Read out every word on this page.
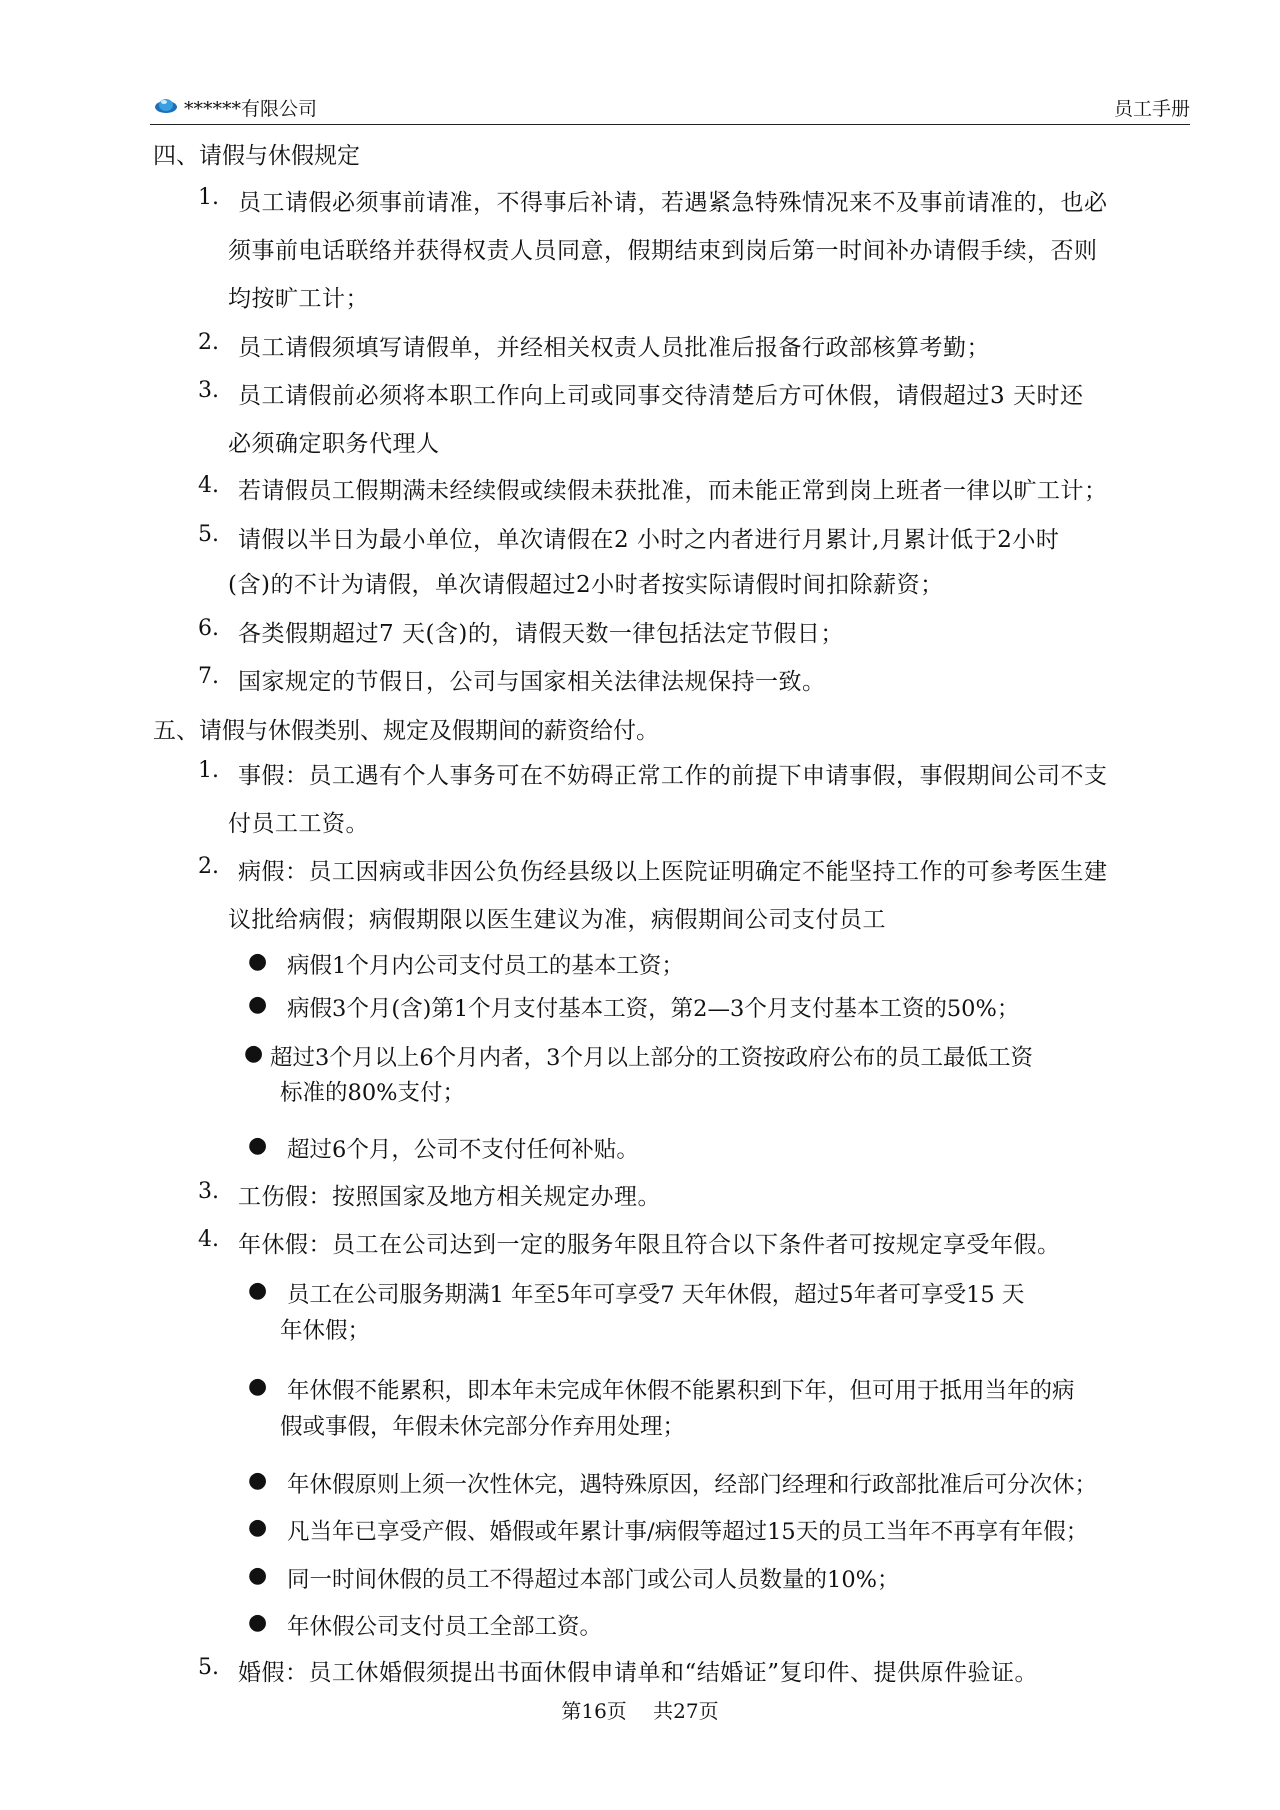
******有限公司	员工手册
四、请假与休假规定
1. 员工请假必须事前请准，不得事后补请，若遇紧急特殊情况来不及事前请准的，也必
须事前电话联络并获得权责人员同意，假期结束到岗后第一时间补办请假手续，否则
均按旷工计；
2. 员工请假须填写请假单，并经相关权责人员批准后报备行政部核算考勤；
3. 员工请假前必须将本职工作向上司或同事交待清楚后方可休假，请假超过3 天时还
必须确定职务代理人
4. 若请假员工假期满未经续假或续假未获批准，而未能正常到岗上班者一律以旷工计；
5. 请假以半日为最小单位，单次请假在2 小时之内者进行月累计,月累计低于2小时
(含)的不计为请假，单次请假超过2小时者按实际请假时间扣除薪资；
6. 各类假期超过7 天(含)的，请假天数一律包括法定节假日；
7. 国家规定的节假日，公司与国家相关法律法规保持一致。
五、请假与休假类别、规定及假期间的薪资给付。
1. 事假：员工遇有个人事务可在不妨碍正常工作的前提下申请事假，事假期间公司不支
付员工工资。
2. 病假：员工因病或非因公负伤经县级以上医院证明确定不能坚持工作的可参考医生建
议批给病假；病假期限以医生建议为准，病假期间公司支付员工
● 病假1个月内公司支付员工的基本工资；
● 病假3个月(含)第1个月支付基本工资，第2—3个月支付基本工资的50%；
● 超过3个月以上6个月内者，3个月以上部分的工资按政府公布的员工最低工资
标准的80%支付；
● 超过6个月，公司不支付任何补贴。
3. 工伤假：按照国家及地方相关规定办理。
4. 年休假：员工在公司达到一定的服务年限且符合以下条件者可按规定享受年假。
● 员工在公司服务期满1 年至5年可享受7 天年休假，超过5年者可享受15 天
年休假；
● 年休假不能累积，即本年未完成年休假不能累积到下年，但可用于抵用当年的病
假或事假，年假未休完部分作弃用处理；
● 年休假原则上须一次性休完，遇特殊原因，经部门经理和行政部批准后可分次休；
● 凡当年已享受产假、婚假或年累计事/病假等超过15天的员工当年不再享有年假；
● 同一时间休假的员工不得超过本部门或公司人员数量的10%；
● 年休假公司支付员工全部工资。
5. 婚假：员工休婚假须提出书面休假申请单和“结婚证”复印件、提供原件验证。
第16页 共27页
